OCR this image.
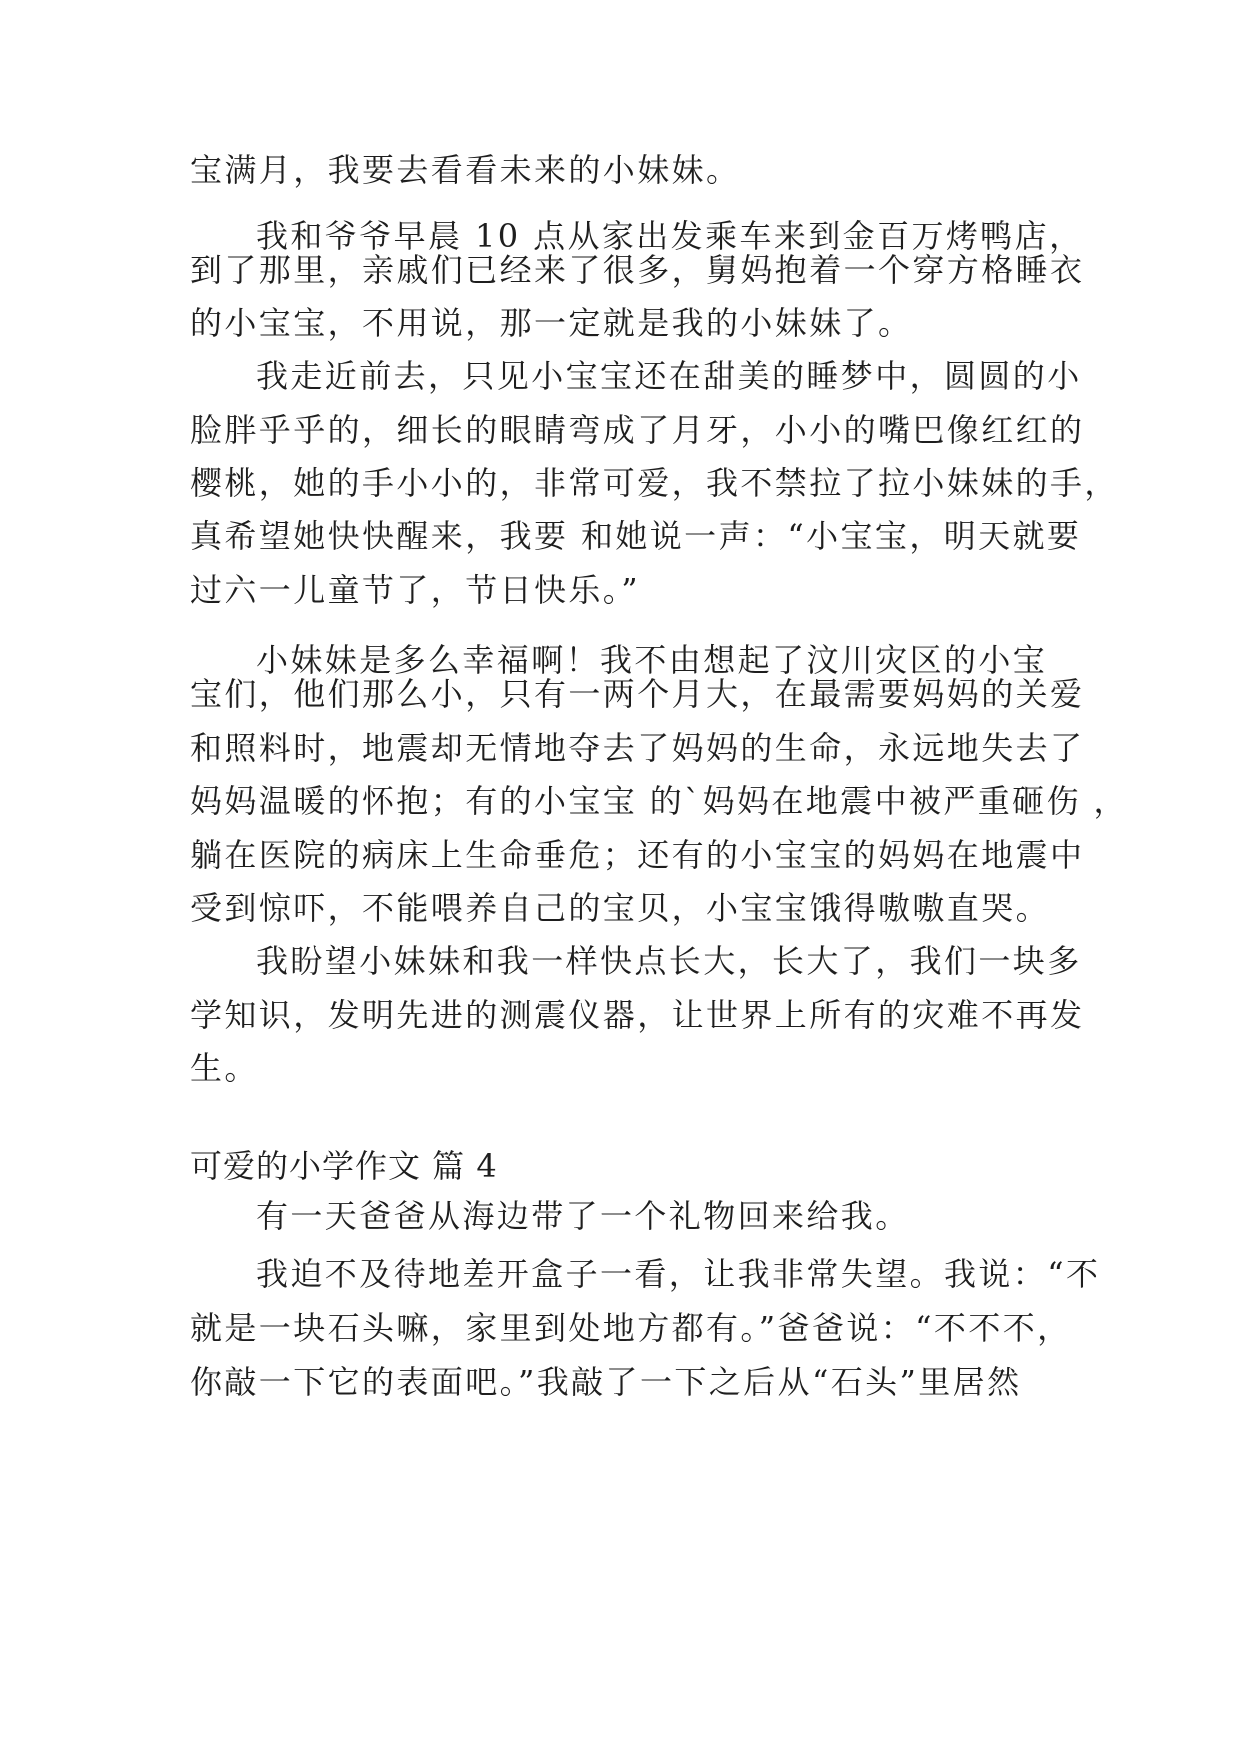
宝满月，我要去看看未来的小妹妹。
我和爷爷早晨 10 点从家出发乘车来到金百万烤鸭店，
到了那里，亲戚们已经来了很多，舅妈抱着一个穿方格睡衣
的小宝宝，不用说，那一定就是我的小妹妹了。
我走近前去，只见小宝宝还在甜美的睡梦中，圆圆的小
脸胖乎乎的，细长的眼睛弯成了月牙，小小的嘴巴像红红的
樱桃，她的手小小的，非常可爱，我不禁拉了拉小妹妹的手，
真希望她快快醒来，我要 和她说一声：“小宝宝，明天就要
过六一儿童节了，节日快乐。”
小妹妹是多么幸福啊！我不由想起了汶川灾区的小宝
宝们，他们那么小，只有一两个月大，在最需要妈妈的关爱
和照料时，地震却无情地夺去了妈妈的生命，永远地失去了
妈妈温暖的怀抱；有的小宝宝 的`妈妈在地震中被严重砸伤 ，
躺在医院的病床上生命垂危；还有的小宝宝的妈妈在地震中
受到惊吓，不能喂养自己的宝贝，小宝宝饿得嗷嗷直哭。
我盼望小妹妹和我一样快点长大，长大了，我们一块多
学知识，发明先进的测震仪器，让世界上所有的灾难不再发
生。
可爱的小学作文 篇 4
有一天爸爸从海边带了一个礼物回来给我。
我迫不及待地差开盒子一看，让我非常失望。我说：“不
就是一块石头嘛，家里到处地方都有。”爸爸说：“不不不，
你敲一下它的表面吧。”我敲了一下之后从“石头”里居然
